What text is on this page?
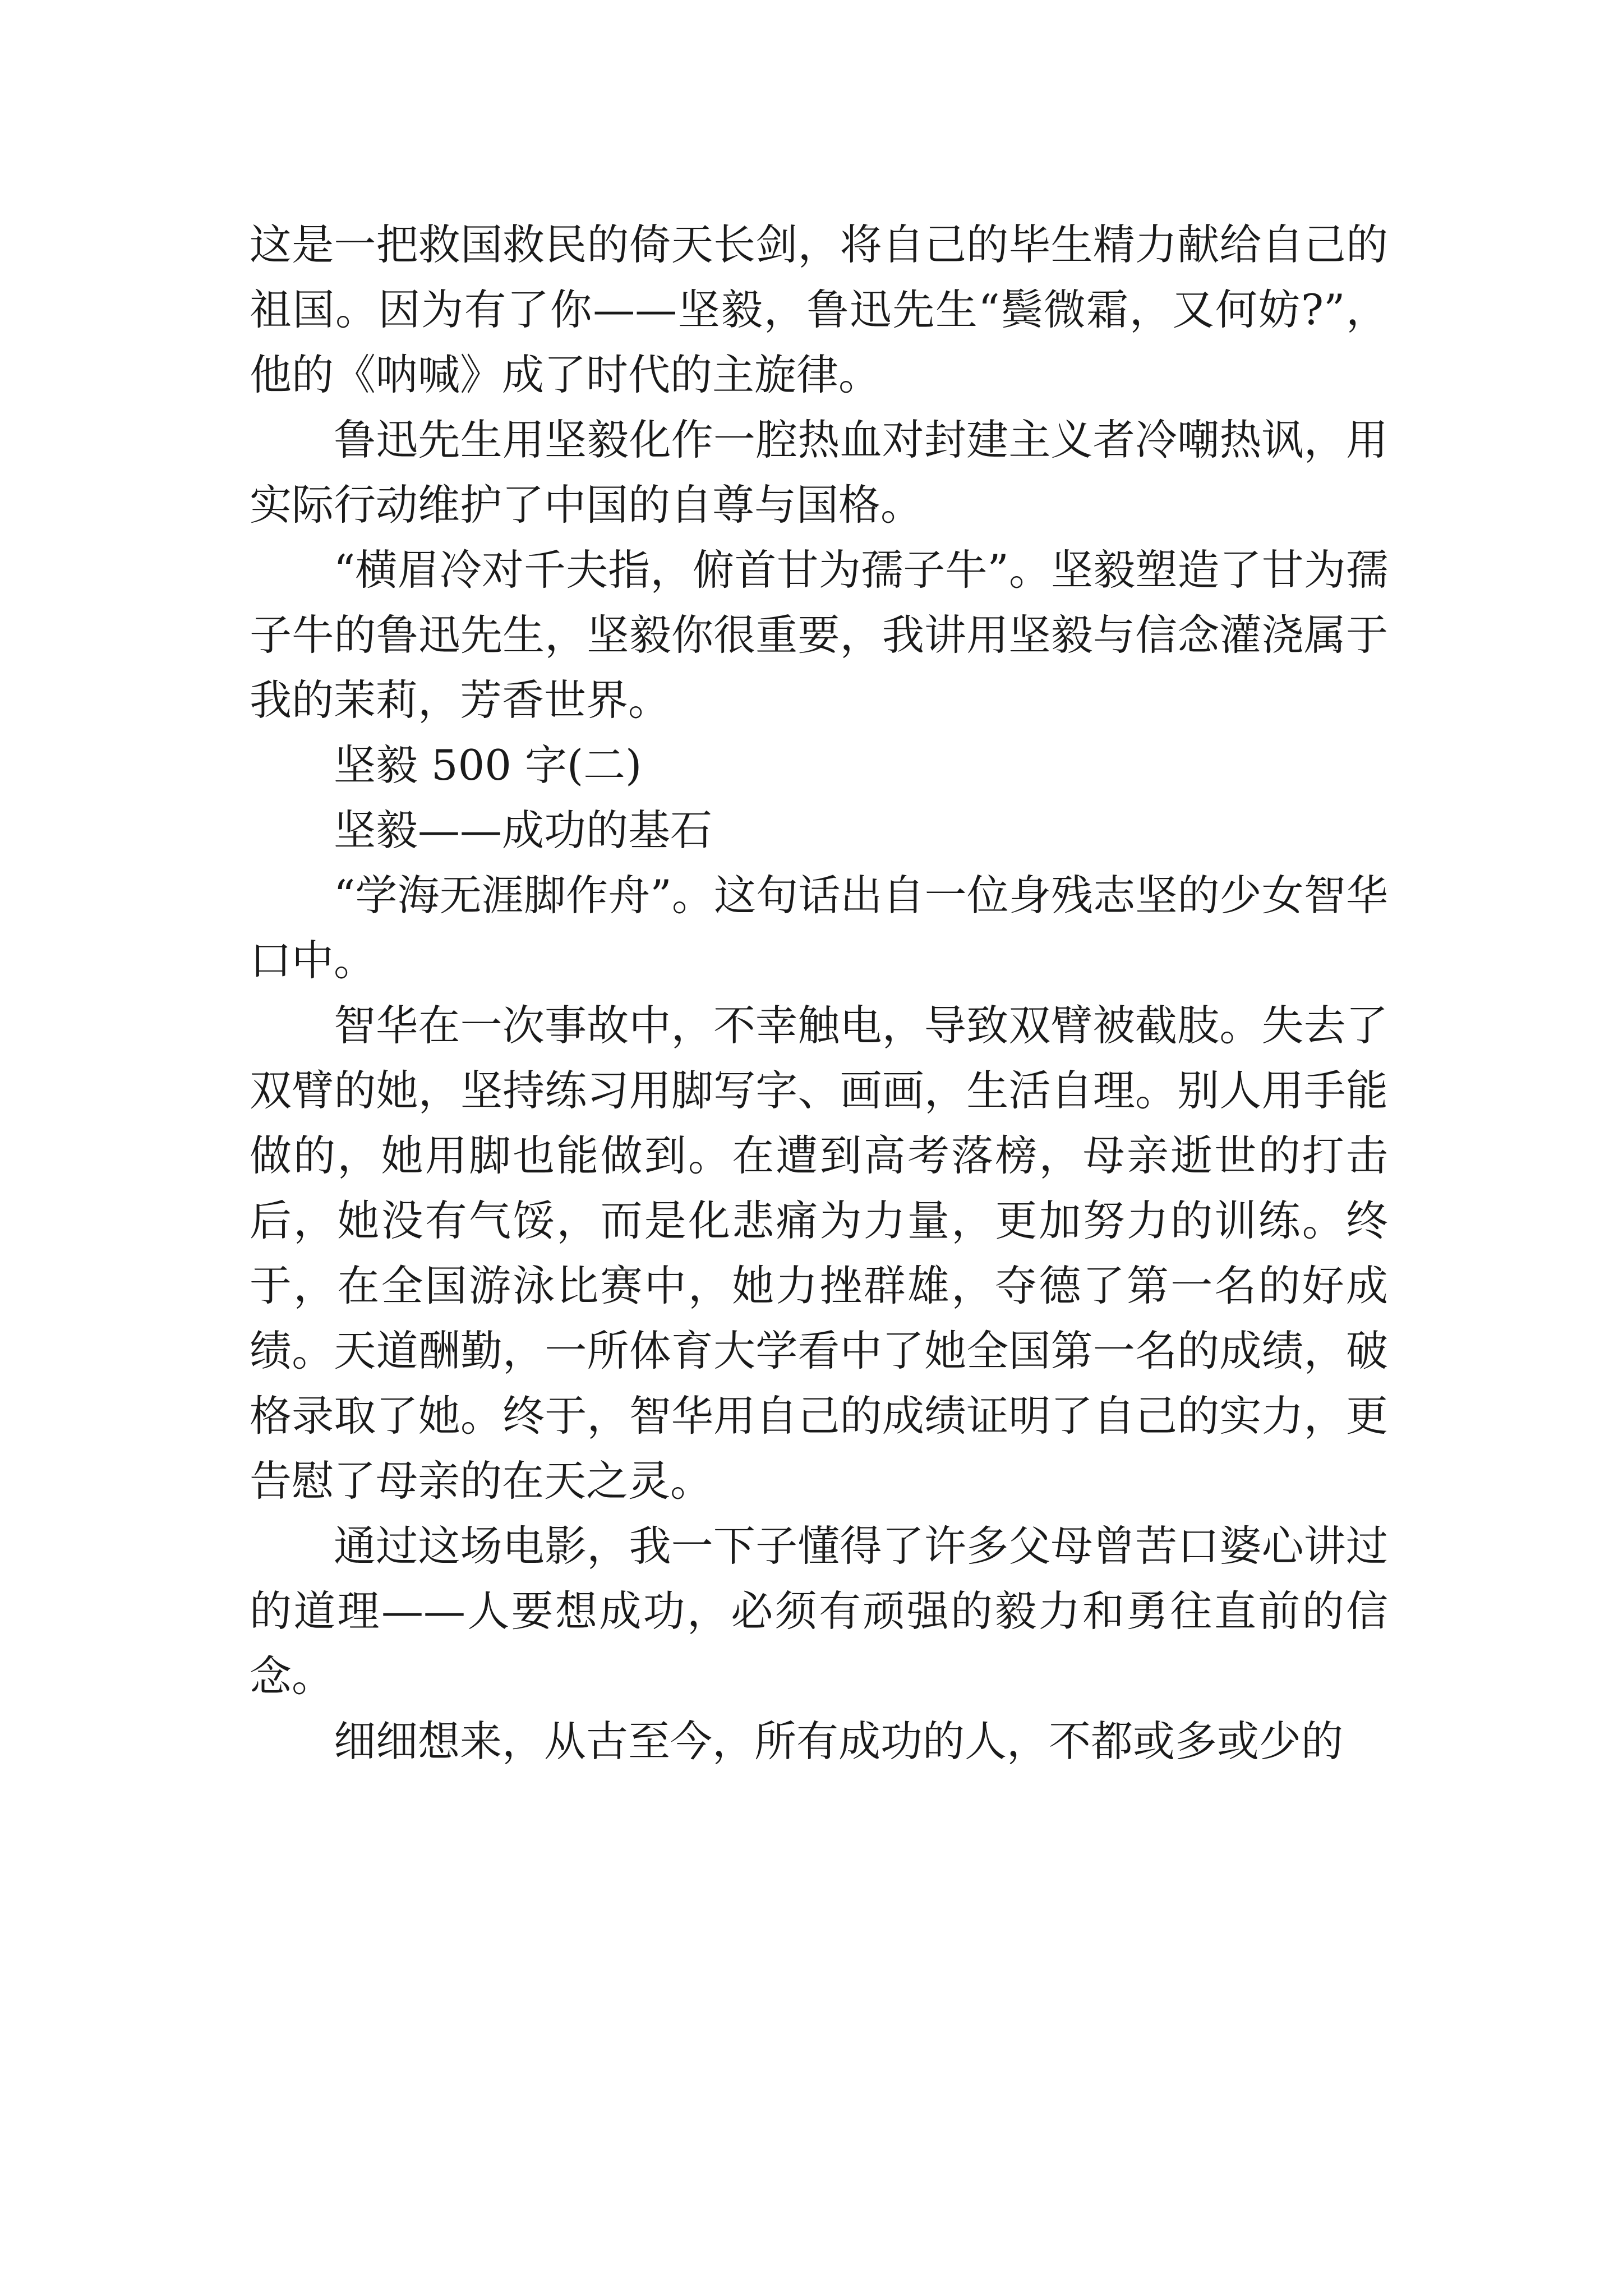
这是一把救国救民的倚天长剑，将自己的毕生精力献给自己的祖国。因为有了你——坚毅，鲁迅先生“鬓微霜，又何妨?”，他的《呐喊》成了时代的主旋律。

鲁迅先生用坚毅化作一腔热血对封建主义者冷嘲热讽，用实际行动维护了中国的自尊与国格。

“横眉冷对千夫指，俯首甘为孺子牛”。坚毅塑造了甘为孺子牛的鲁迅先生，坚毅你很重要，我讲用坚毅与信念灌浇属于我的茉莉，芳香世界。

坚毅 500 字(二)

坚毅——成功的基石

“学海无涯脚作舟”。这句话出自一位身残志坚的少女智华口中。

智华在一次事故中，不幸触电，导致双臂被截肢。失去了双臂的她，坚持练习用脚写字、画画，生活自理。别人用手能做的，她用脚也能做到。在遭到高考落榜，母亲逝世的打击后，她没有气馁，而是化悲痛为力量，更加努力的训练。终于，在全国游泳比赛中，她力挫群雄，夺德了第一名的好成绩。天道酬勤，一所体育大学看中了她全国第一名的成绩，破格录取了她。终于，智华用自己的成绩证明了自己的实力，更告慰了母亲的在天之灵。

通过这场电影，我一下子懂得了许多父母曾苦口婆心讲过的道理——人要想成功，必须有顽强的毅力和勇往直前的信念。

细细想来，从古至今，所有成功的人，不都或多或少的
